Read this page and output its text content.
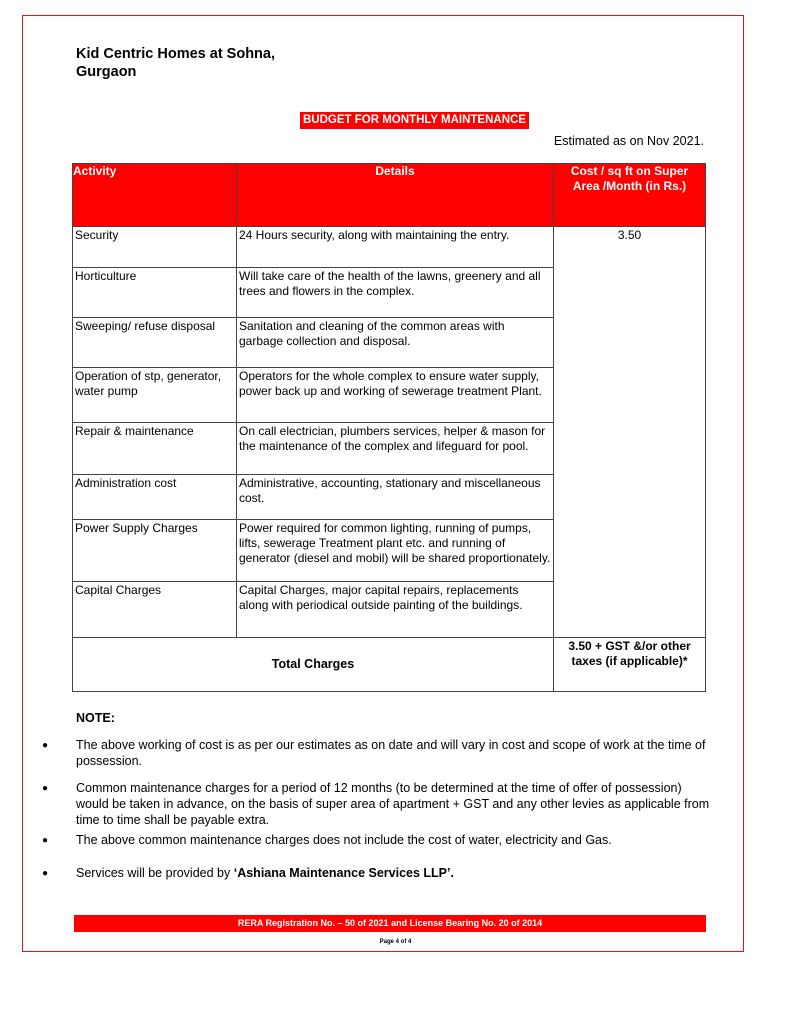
Kid Centric Homes at Sohna,
Gurgaon
BUDGET FOR MONTHLY MAINTENANCE
Estimated as on Nov 2021.
Activity	Details	Cost / sq ft on Super
Area /Month (in Rs.)

Security	24 Hours security, along with maintaining the entry.	3.50
Horticulture	Will take care of the health of the lawns, greenery and all trees and flowers in the complex.	
Sweeping/ refuse disposal	Sanitation and cleaning of the common areas with garbage collection and disposal.	
Operation of stp, generator, water pump	Operators for the whole complex to ensure water supply, power back up and working of sewerage treatment Plant.	
Repair & maintenance	On call electrician, plumbers services, helper & mason for the maintenance of the complex and lifeguard for pool.	
Administration cost	Administrative, accounting, stationary and miscellaneous cost.	
Power Supply Charges	Power required for common lighting, running of pumps, lifts, sewerage Treatment plant etc. and running of generator (diesel and mobil) will be shared proportionately.	
Capital Charges	Capital Charges, major capital repairs, replacements along with periodical outside painting of the buildings.	
Total Charges		3.50 + GST &/or other
taxes (if applicable)*
NOTE:
● The above working of cost is as per our estimates as on date and will vary in cost and scope of work at the time of possession.
● Common maintenance charges for a period of 12 months (to be determined at the time of offer of possession) would be taken in advance, on the basis of super area of apartment + GST and any other levies as applicable from time to time shall be payable extra.
● The above common maintenance charges does not include the cost of water, electricity and Gas.
● Services will be provided by ‘Ashiana Maintenance Services LLP’.
RERA Registration No. – 50 of 2021 and License Bearing No. 20 of 2014
Page 4 of 4
